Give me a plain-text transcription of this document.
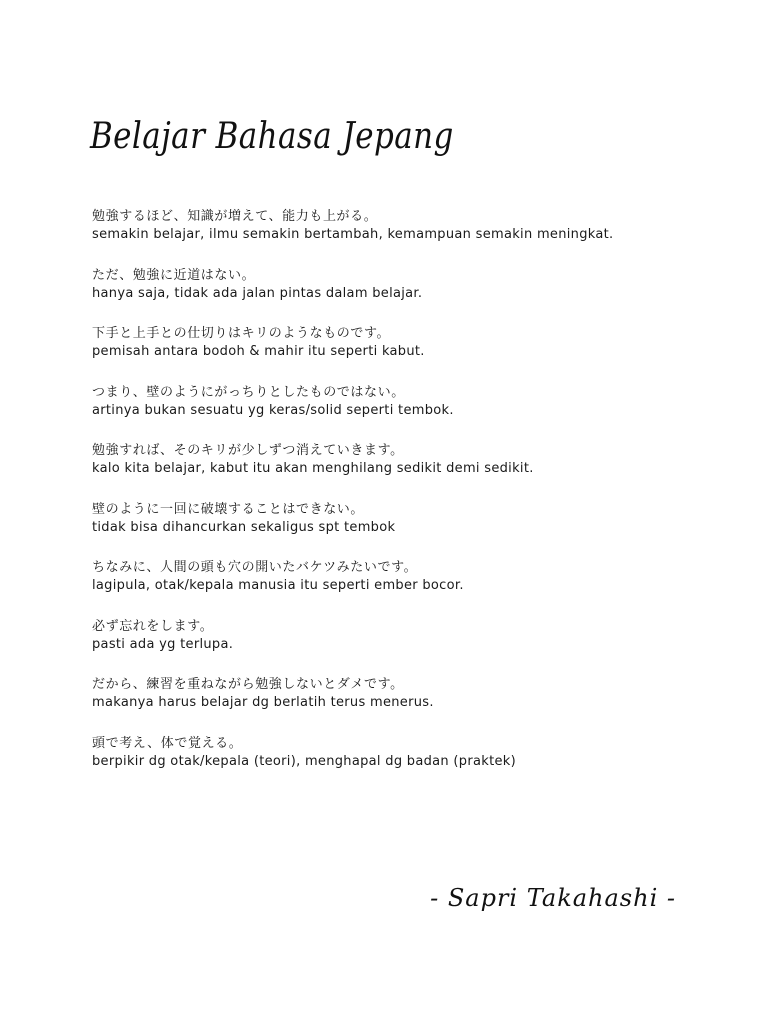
Belajar Bahasa Jepang

勉強するほど、知識が増えて、能力も上がる。

semakin belajar, ilmu semakin bertambah, kemampuan semakin meningkat.

ただ、勉強に近道はない。

hanya saja, tidak ada jalan pintas dalam belajar.

下手と上手との仕切りはキリのようなものです。

pemisah antara bodoh & mahir itu seperti kabut.

つまり、壁のようにがっちりとしたものではない。

artinya bukan sesuatu yg keras/solid seperti tembok.

勉強すれば、そのキリが少しずつ消えていきます。

kalo kita belajar, kabut itu akan menghilang sedikit demi sedikit.

壁のように一回に破壊することはできない。

tidak bisa dihancurkan sekaligus spt tembok

ちなみに、人間の頭も穴の開いたバケツみたいです。

lagipula, otak/kepala manusia itu seperti ember bocor.

必ず忘れをします。

pasti ada yg terlupa.

だから、練習を重ねながら勉強しないとダメです。

makanya harus belajar dg berlatih terus menerus.

頭で考え、体で覚える。

berpikir dg otak/kepala (teori), menghapal dg badan (praktek)

- Sapri Takahashi -
